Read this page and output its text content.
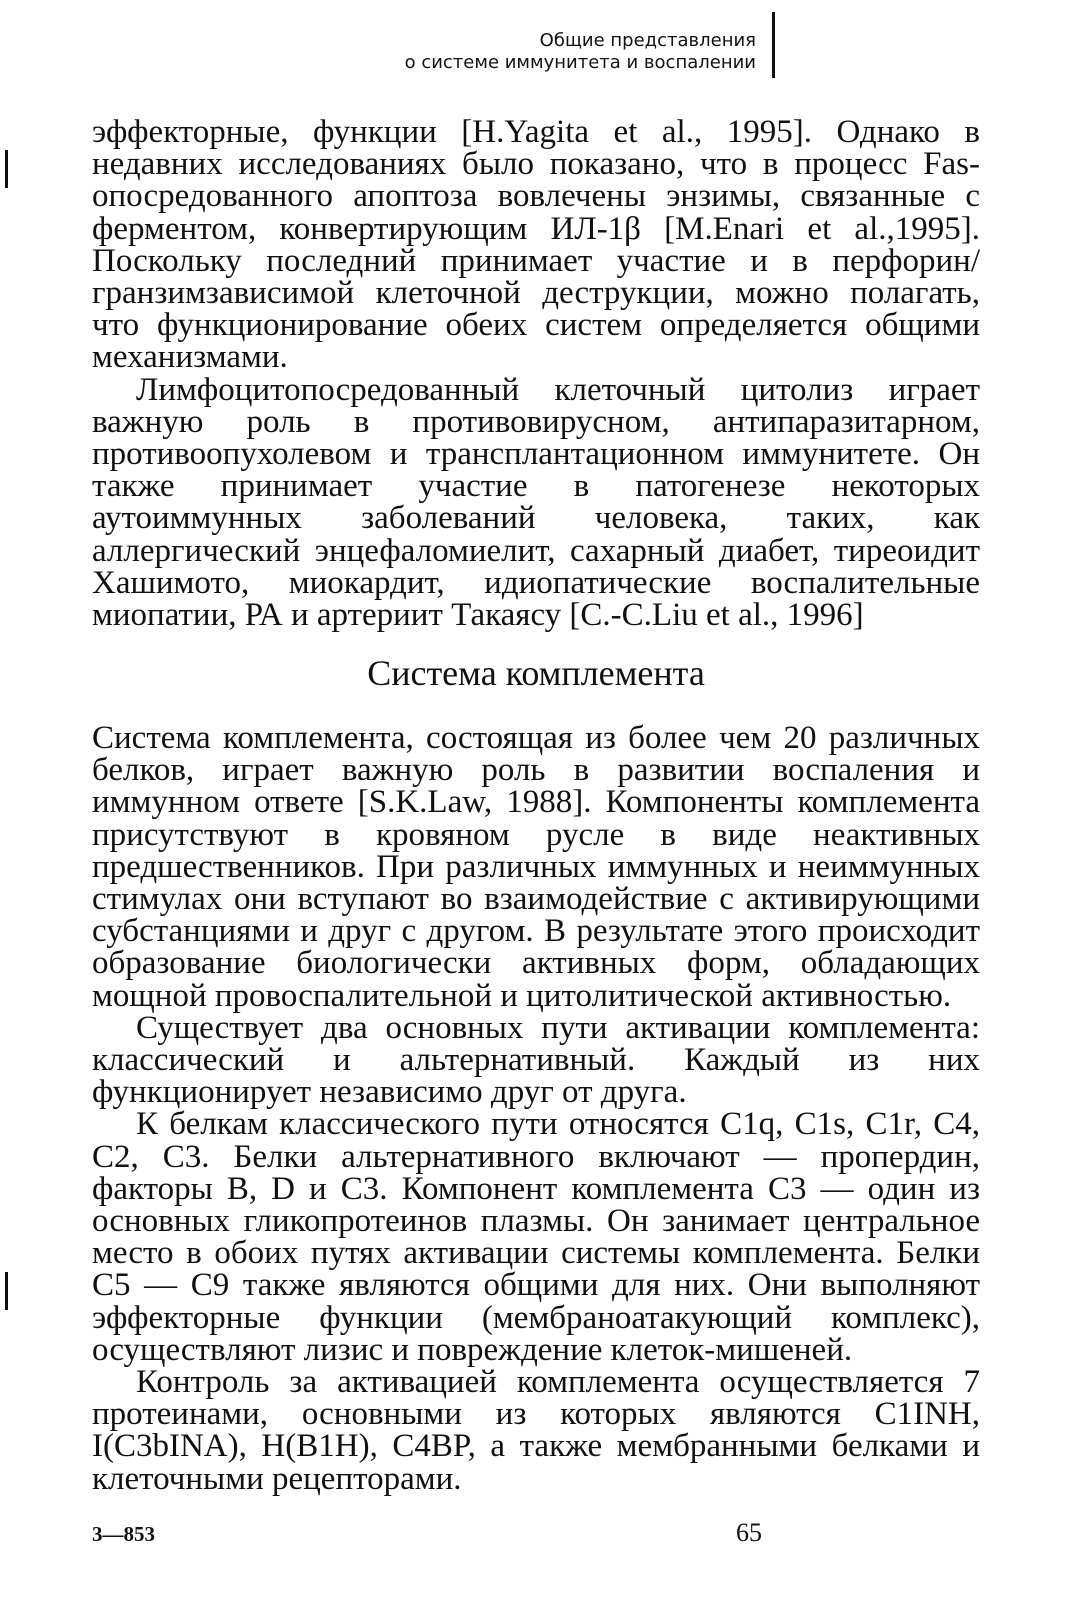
Общие представления
о системе иммунитета и воспалении

эффекторные, функции [H.Yagita et al., 1995]. Однако в недавних исследованиях было показано, что в процесс Fas-опосредованного апоптоза вовлечены энзимы, связанные с ферментом, конвертирующим ИЛ-1β [M.Enari et al.,1995]. Поскольку последний принимает участие и в перфорин/гранзимзависимой клеточной деструкции, можно полагать, что функционирование обеих систем определяется общими механизмами.

Лимфоцитопосредованный клеточный цитолиз играет важную роль в противовирусном, антипаразитарном, противоопухолевом и трансплантационном иммунитете. Он также принимает участие в патогенезе некоторых аутоиммунных заболеваний человека, таких, как аллергический энцефаломиелит, сахарный диабет, тиреоидит Хашимото, миокардит, идиопатические воспалительные миопатии, РА и артериит Такаясу [C.-C.Liu et al., 1996]

Система комплемента

Система комплемента, состоящая из более чем 20 различных белков, играет важную роль в развитии воспаления и иммунном ответе [S.K.Law, 1988]. Компоненты комплемента присутствуют в кровяном русле в виде неактивных предшественников. При различных иммунных и неиммунных стимулах они вступают во взаимодействие с активирующими субстанциями и друг с другом. В результате этого происходит образование биологически активных форм, обладающих мощной провоспалительной и цитолитической активностью.

Существует два основных пути активации комплемента: классический и альтернативный. Каждый из них функционирует независимо друг от друга.

К белкам классического пути относятся C1q, C1s, C1r, C4, C2, C3. Белки альтернативного включают — пропердин, факторы B, D и C3. Компонент комплемента C3 — один из основных гликопротеинов плазмы. Он занимает центральное место в обоих путях активации системы комплемента. Белки C5 — C9 также являются общими для них. Они выполняют эффекторные функции (мембраноатакующий комплекс), осуществляют лизис и повреждение клеток-мишеней.

Контроль за активацией комплемента осуществляется 7 протеинами, основными из которых являются C1INH, I(C3bINA), H(B1H), C4BP, а также мембранными белками и клеточными рецепторами.

3—853	65
